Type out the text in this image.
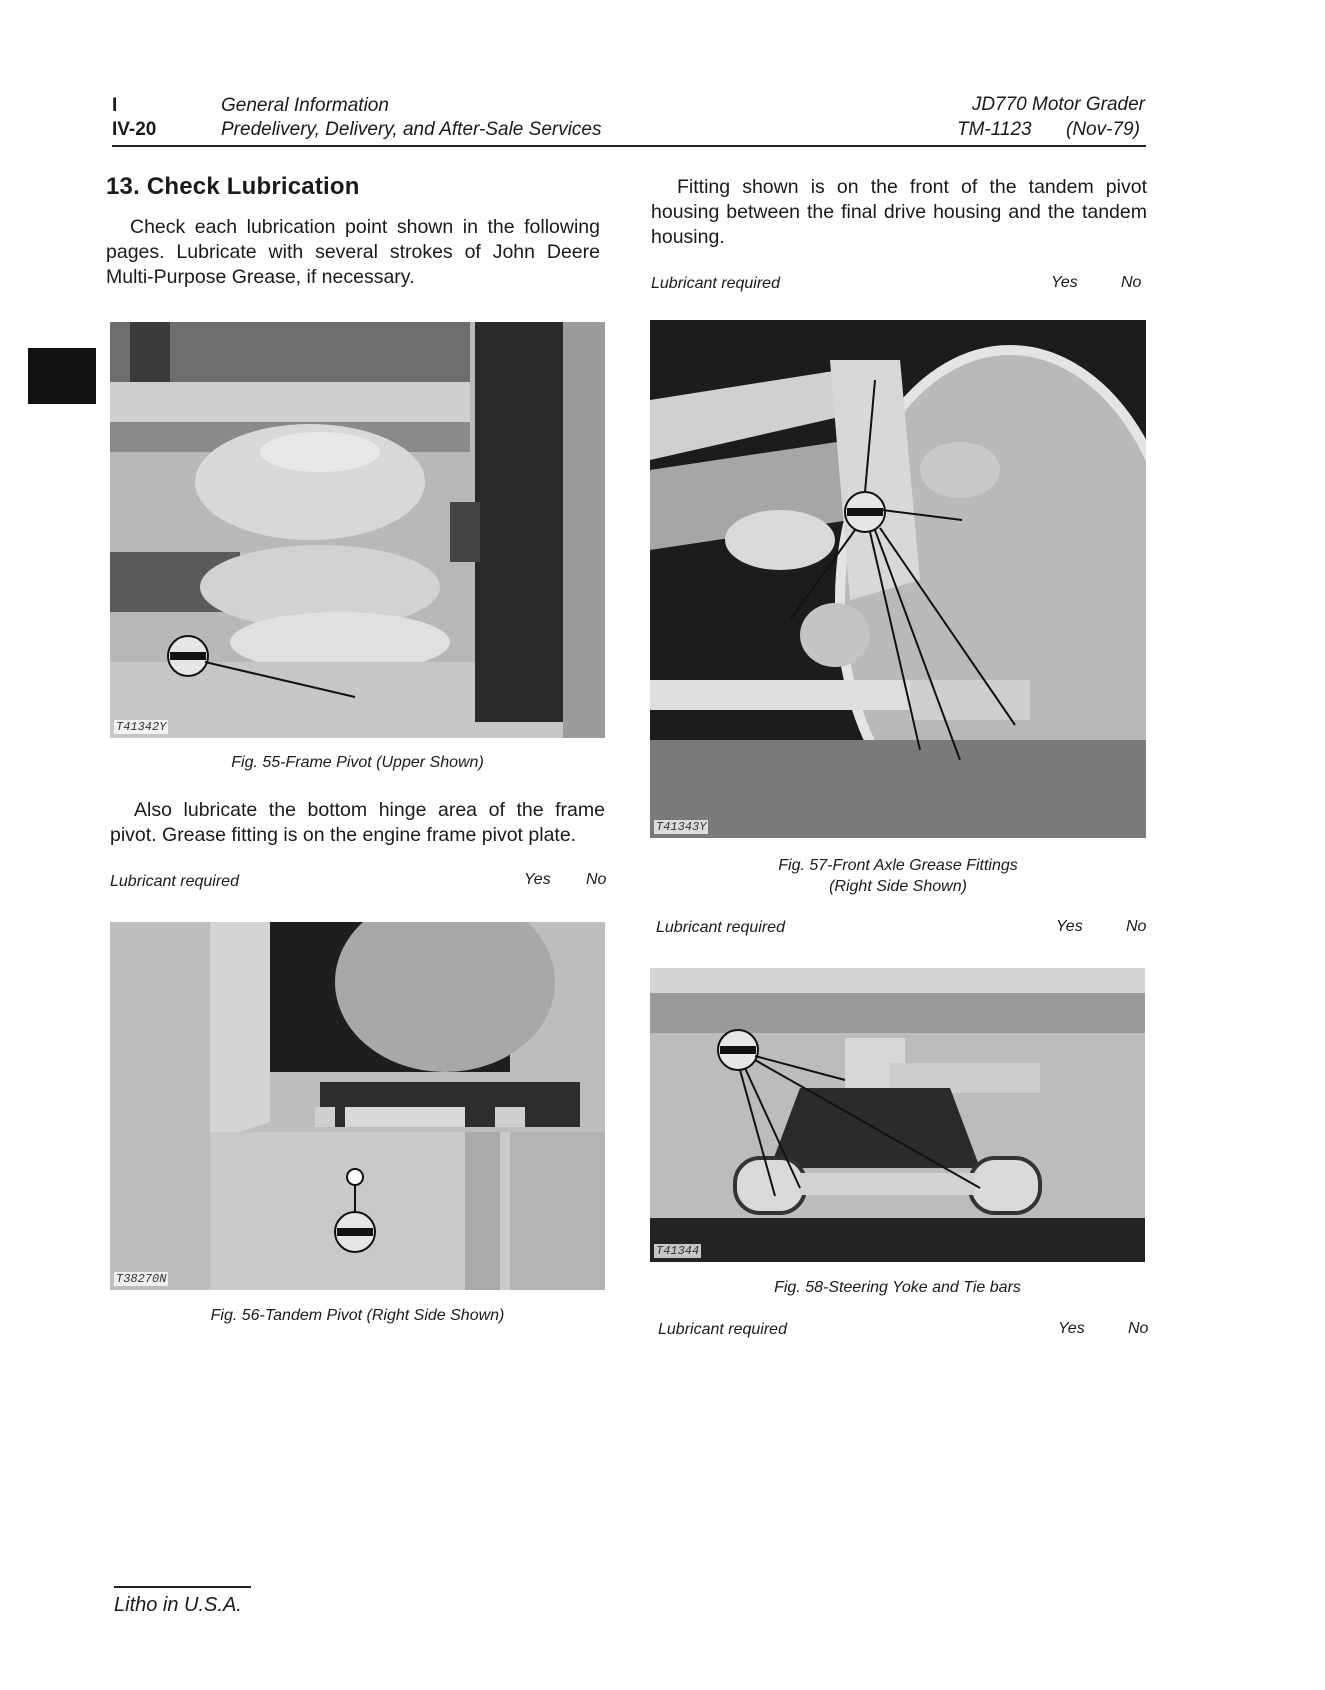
I
IV-20
General Information
Predelivery, Delivery, and After-Sale Services
JD770 Motor Grader
TM-1123 (Nov-79)
13. Check Lubrication
Check each lubrication point shown in the following pages. Lubricate with several strokes of John Deere Multi-Purpose Grease, if necessary.
T41342Y
Fig. 55-Frame Pivot (Upper Shown)
Also lubricate the bottom hinge area of the frame pivot. Grease fitting is on the engine frame pivot plate.
Lubricant required	Yes No
T38270N
Fig. 56-Tandem Pivot (Right Side Shown)
Fitting shown is on the front of the tandem pivot housing between the final drive housing and the tandem housing.
Lubricant required	Yes	No
T41343Y
Fig. 57-Front Axle Grease Fittings
(Right Side Shown)
Lubricant required	Yes	No
T41344
Fig. 58-Steering Yoke and Tie bars
Lubricant required	Yes	No
Litho in U.S.A.
